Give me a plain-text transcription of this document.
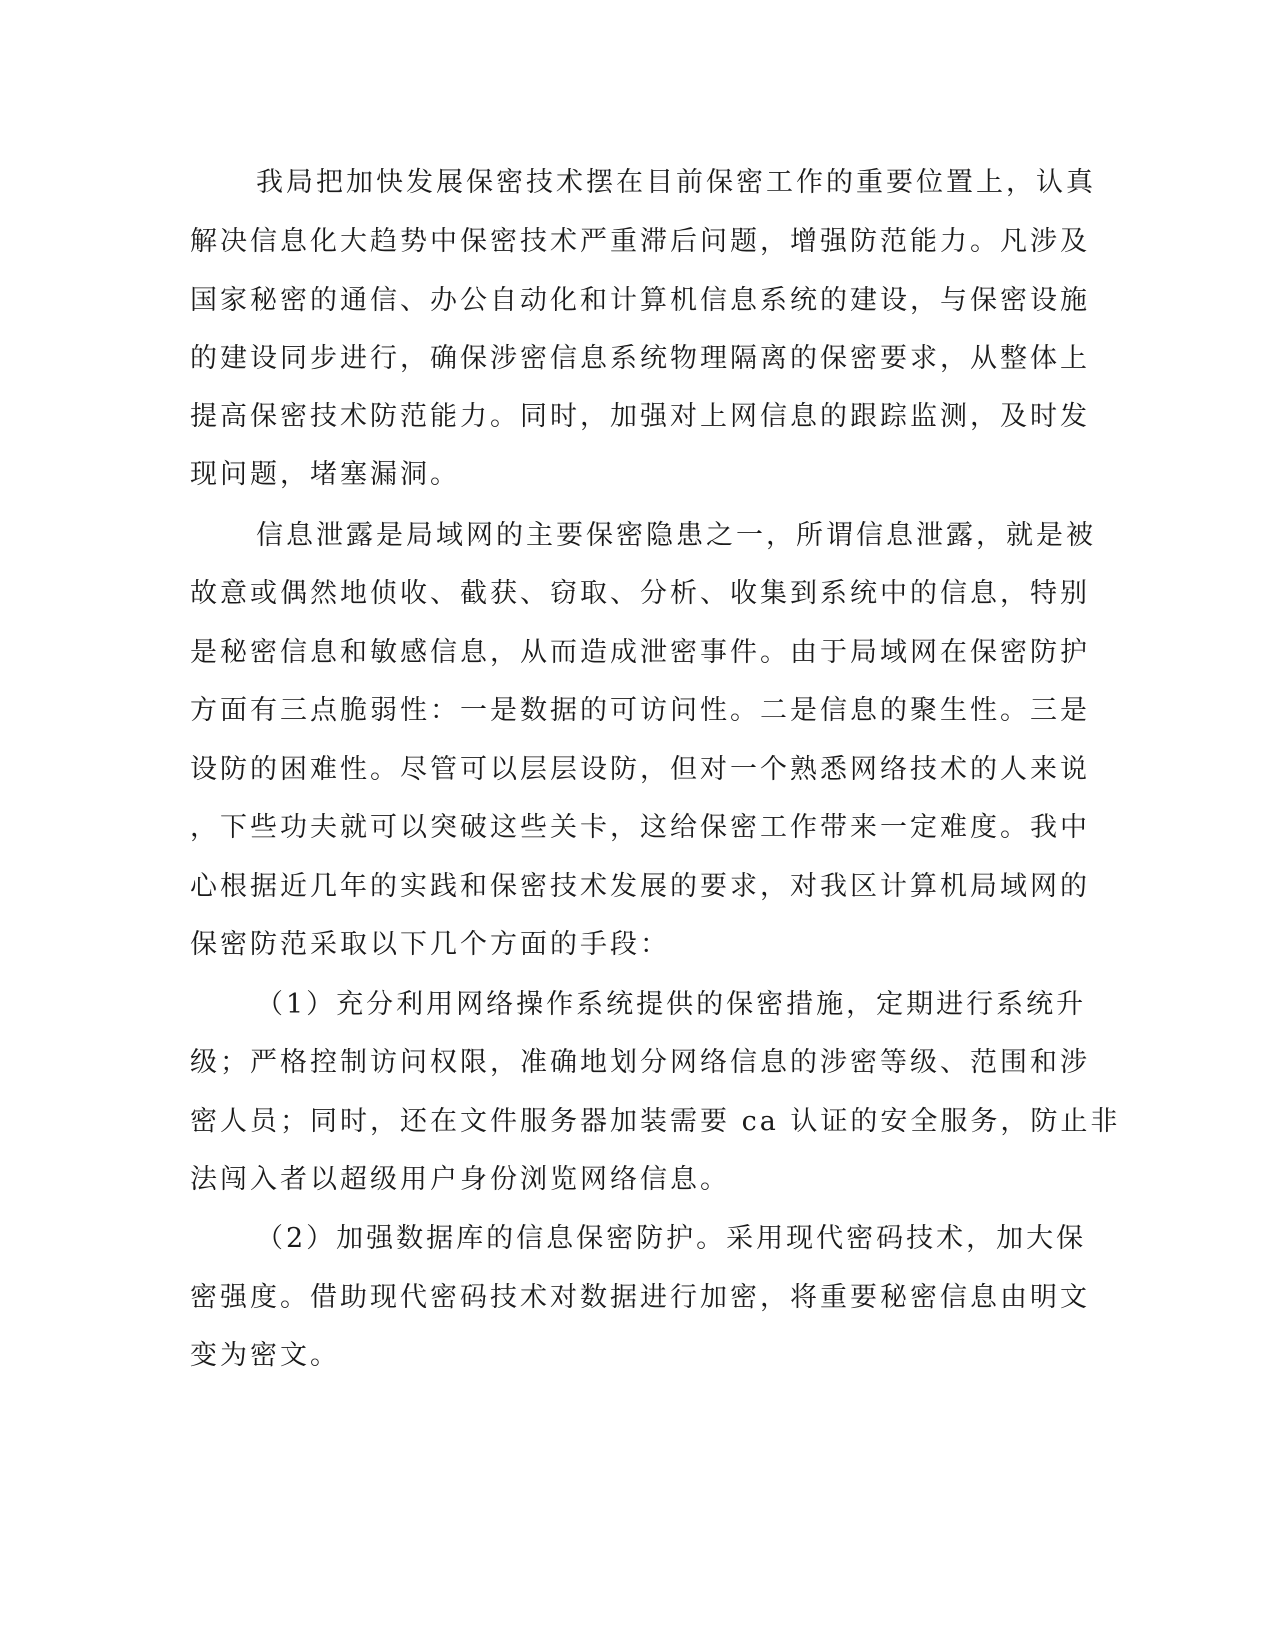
我局把加快发展保密技术摆在目前保密工作的重要位置上，认真
解决信息化大趋势中保密技术严重滞后问题，增强防范能力。凡涉及
国家秘密的通信、办公自动化和计算机信息系统的建设，与保密设施
的建设同步进行，确保涉密信息系统物理隔离的保密要求，从整体上
提高保密技术防范能力。同时，加强对上网信息的跟踪监测，及时发
现问题，堵塞漏洞。
信息泄露是局域网的主要保密隐患之一，所谓信息泄露，就是被
故意或偶然地侦收、截获、窃取、分析、收集到系统中的信息，特别
是秘密信息和敏感信息，从而造成泄密事件。由于局域网在保密防护
方面有三点脆弱性：一是数据的可访问性。二是信息的聚生性。三是
设防的困难性。尽管可以层层设防，但对一个熟悉网络技术的人来说
，下些功夫就可以突破这些关卡，这给保密工作带来一定难度。我中
心根据近几年的实践和保密技术发展的要求，对我区计算机局域网的
保密防范采取以下几个方面的手段：
（1）充分利用网络操作系统提供的保密措施，定期进行系统升
级；严格控制访问权限，准确地划分网络信息的涉密等级、范围和涉
密人员；同时，还在文件服务器加装需要 ca 认证的安全服务，防止非
法闯入者以超级用户身份浏览网络信息。
（2）加强数据库的信息保密防护。采用现代密码技术，加大保
密强度。借助现代密码技术对数据进行加密，将重要秘密信息由明文
变为密文。
